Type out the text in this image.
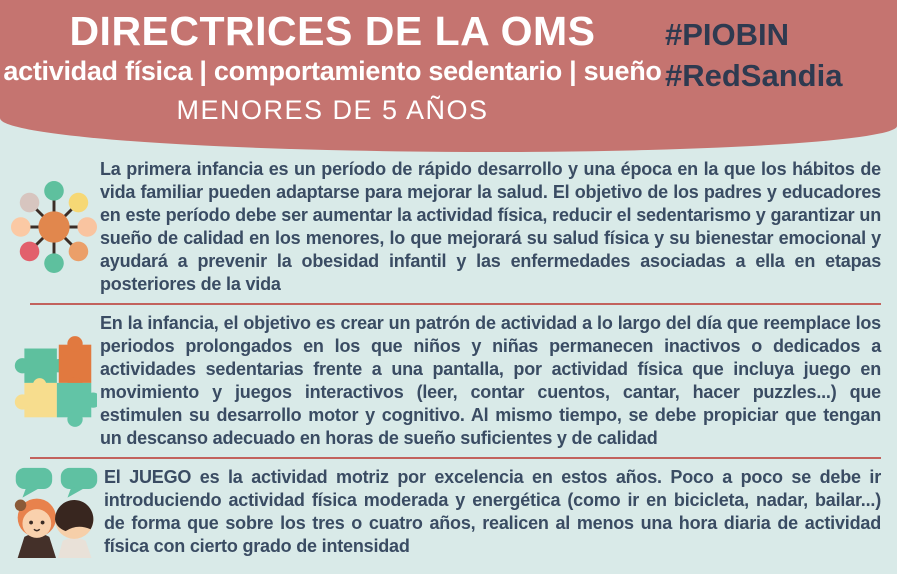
DIRECTRICES DE LA OMS
actividad física | comportamiento sedentario | sueño
MENORES DE 5 AÑOS
#PIOBIN
#RedSandia

La primera infancia es un período de rápido desarrollo y una época en la que los hábitos de vida familiar pueden adaptarse para mejorar la salud. El objetivo de los padres y educadores en este período debe ser aumentar la actividad física, reducir el sedentarismo y garantizar un sueño de calidad en los menores, lo que mejorará su salud física y su bienestar emocional y ayudará a prevenir la obesidad infantil y las enfermedades asociadas a ella en etapas posteriores de la vida

En la infancia, el objetivo es crear un patrón de actividad a lo largo del día que reemplace los periodos prolongados en los que niños y niñas permanecen inactivos o dedicados a actividades sedentarias frente a una pantalla, por actividad física que incluya juego en movimiento y juegos interactivos (leer, contar cuentos, cantar, hacer puzzles...) que estimulen su desarrollo motor y cognitivo. Al mismo tiempo, se debe propiciar que tengan un descanso adecuado en horas de sueño suficientes y de calidad

El JUEGO es la actividad motriz por excelencia en estos años. Poco a poco se debe ir introduciendo actividad física moderada y energética (como ir en bicicleta, nadar, bailar...) de forma que sobre los tres o cuatro años, realicen al menos una hora diaria de actividad física con cierto grado de intensidad
